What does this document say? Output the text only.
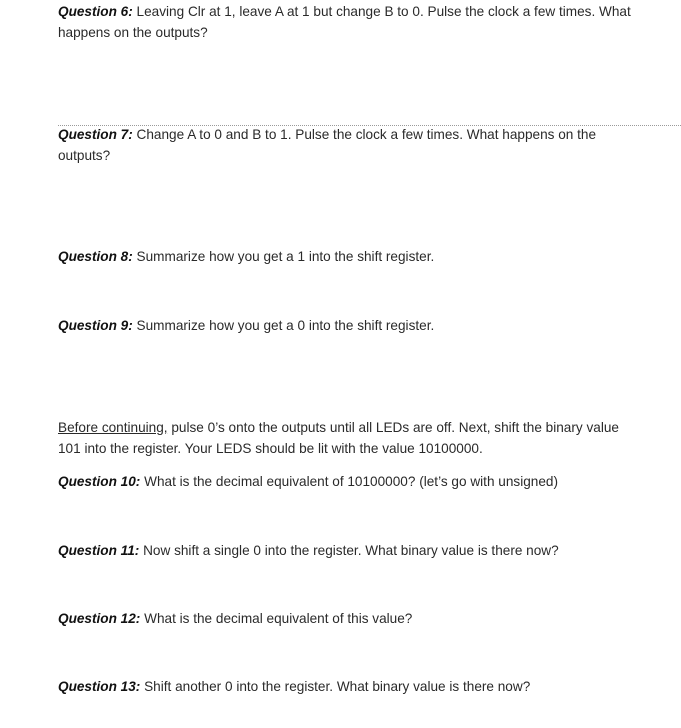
Question 6: Leaving Clr at 1, leave A at 1 but change B to 0. Pulse the clock a few times. What happens on the outputs?
Question 7: Change A to 0 and B to 1. Pulse the clock a few times. What happens on the outputs?
Question 8: Summarize how you get a 1 into the shift register.
Question 9: Summarize how you get a 0 into the shift register.
Before continuing, pulse 0’s onto the outputs until all LEDs are off. Next, shift the binary value 101 into the register. Your LEDS should be lit with the value 10100000.
Question 10: What is the decimal equivalent of 10100000? (let’s go with unsigned)
Question 11: Now shift a single 0 into the register. What binary value is there now?
Question 12: What is the decimal equivalent of this value?
Question 13: Shift another 0 into the register. What binary value is there now?
